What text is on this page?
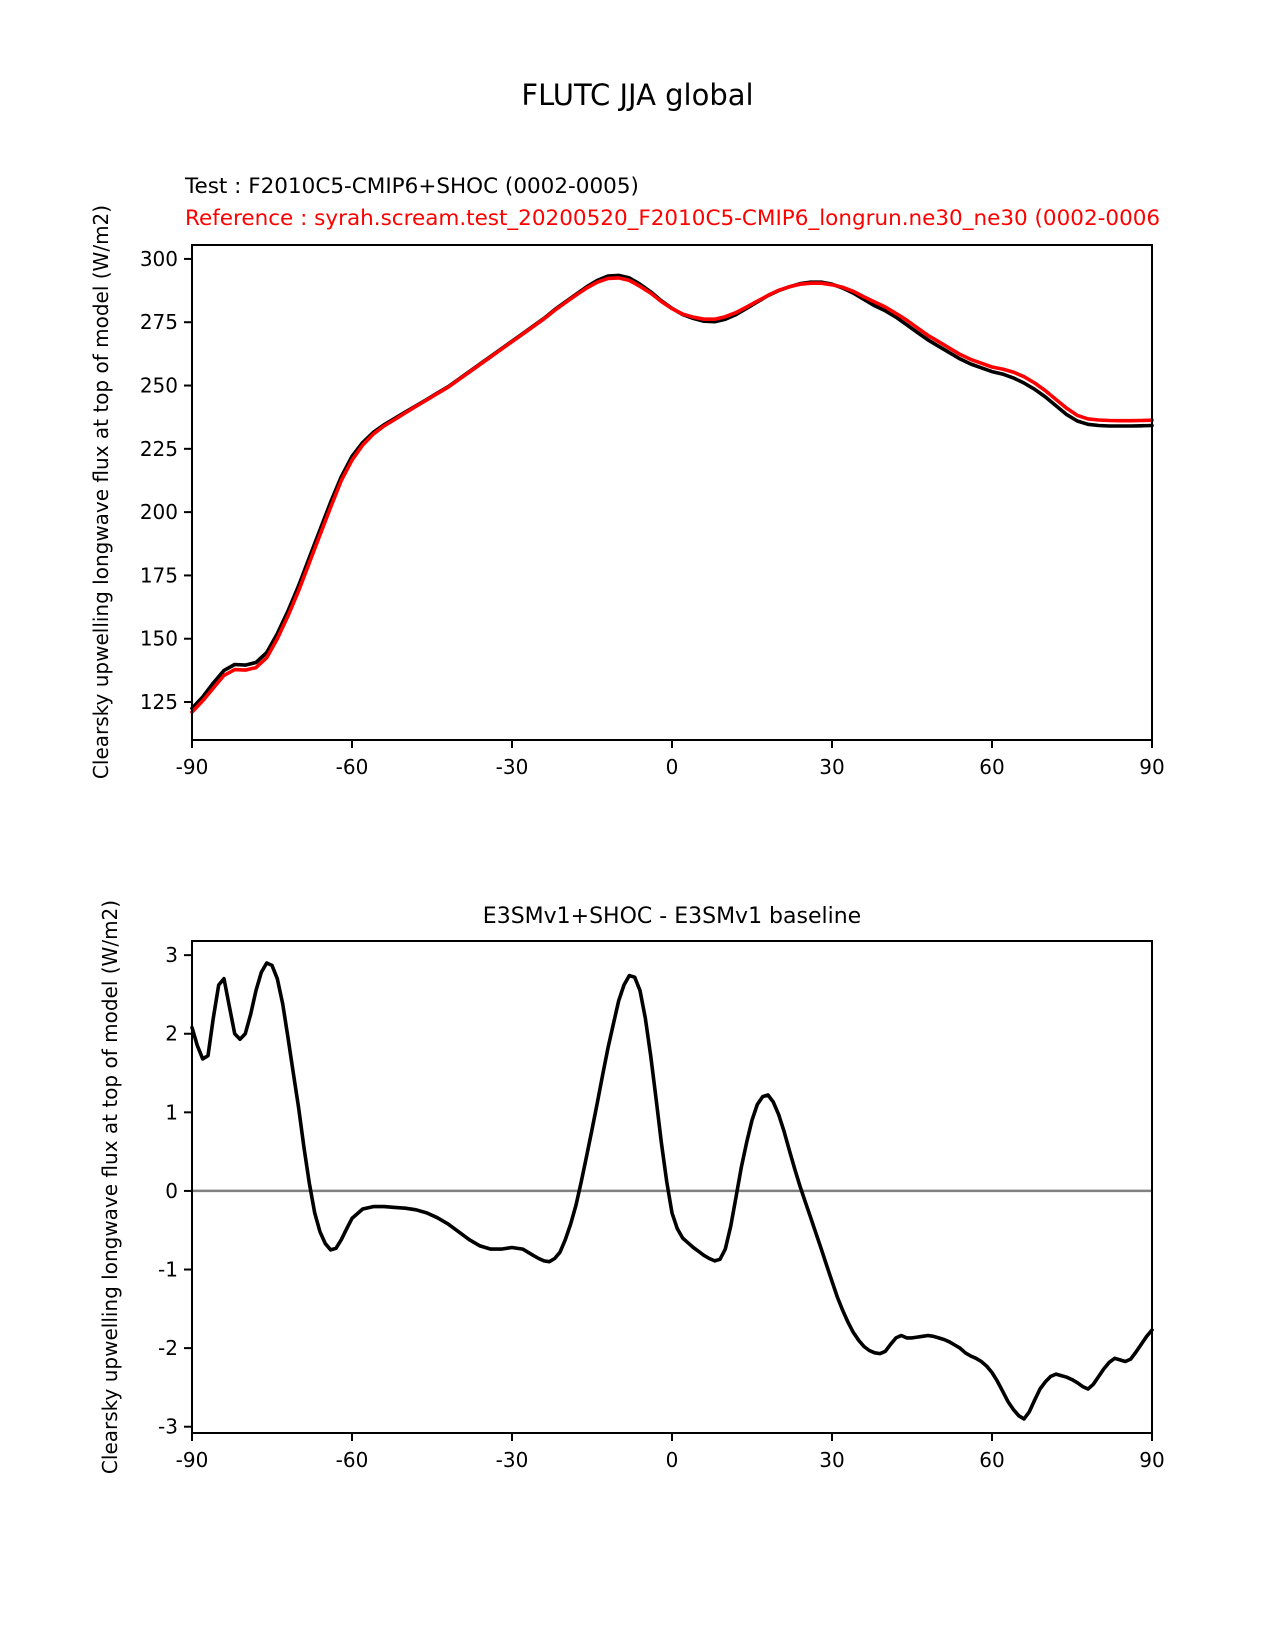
FLUTC JJA global
Test : F2010C5-CMIP6+SHOC (0002-0005)
Reference : syrah.scream.test_20200520_F2010C5-CMIP6_longrun.ne30_ne30 (0002-0006
E3SMv1+SHOC - E3SMv1 baseline
Clearsky upwelling longwave flux at top of model (W/m2)
Clearsky upwelling longwave flux at top of model (W/m2)
-90	-60	-30	0	30	60	90
125
150
175
200
225
250
275
300
-90	-60	-30	0	30	60	90
-3
-2
-1
0
1
2
3
